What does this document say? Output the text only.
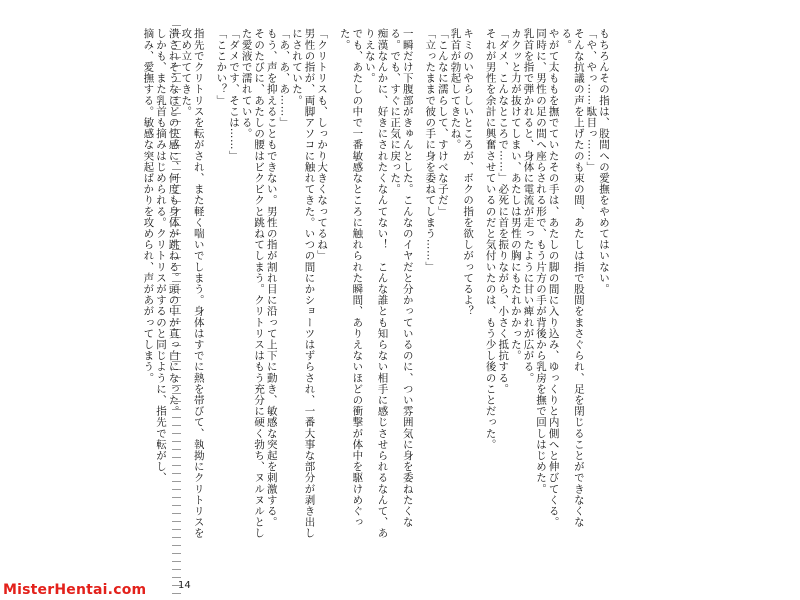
もちろんその指は、股間への愛撫をやめてはいない。

「や、やっ……駄目っ……」

そんな抗議の声を上げたのも束の間、あたしは指で股間をまさぐられ、足を閉じることができなくなる。

やがて太ももを撫でていたその手は、あたしの脚の間に入り込み、ゆっくりと内側へと伸びてくる。

同時に、男性の足の間へ座らされる形で、もう片方の手が背後から乳房を撫で回しはじめた。

乳首を指で弾かれると、身体に電流が走ったように甘い痺れが広がる。

カクッと力が抜けてしまい、あたしは男性の胸にもたれかかった。

「ダメ、こんなところで……」必死に首を振りながら、小さく抵抗する。

それが男性を余計に興奮させているのだと気付いたのは、もう少し後のことだった。

キミのいやらしいところが、ボクの指を欲しがってるよ？

乳首が勃起してきたね。

「こんなに濡らして、すけべな子だ」

「立ったままで彼の手に身を委ねてしまう……」

一瞬だけ下腹部がきゅんとした。こんなのイヤだと分かっているのに、つい雰囲気に身を委ねたくなる。でも、すぐに正気に戻った。

痴漢なんかに、好きにされたくなんてない！　こんな誰とも知らない相手に感じさせられるなんて、ありえない。

でも、あたしの中で一番敏感なところに触れられた瞬間、ありえないほどの衝撃が体中を駆けめぐった。

「クリトリスも、しっかり大きくなってるね」

男性の指が、両脚アソコに触れてきた。いつの間にかショーツはずらされ、一番大事な部分が剥き出しにされていた。

「あ、あ、あ……」

もう、声を抑えることもできない。男性の指が割れ目に沿って上下に動き、敏感な突起を刺激する。

そのたびに、あたしの腰はビクビクと跳ねてしまう。クリトリスはもう充分に硬く勃ち、ヌルヌルとした愛液で濡れている。

「ダメです、そこは……」

「ここかい？」

指先でクリトリスを転がされ、また軽く喘いでしまう。身体はすでに熱を帯びて、執拗にクリトリスを攻め立ててきた。

潰されそうなほどの快感に、何度も身体が跳ねる。頭の中が真っ白になった。

しかも、また乳首も摘みはじめられる。クリトリスがするのと同じように、指先で転がし、

摘み、愛撫する。敏感な突起ばかりを攻められ、声があがってしまう。

14
MisterHentai.com
